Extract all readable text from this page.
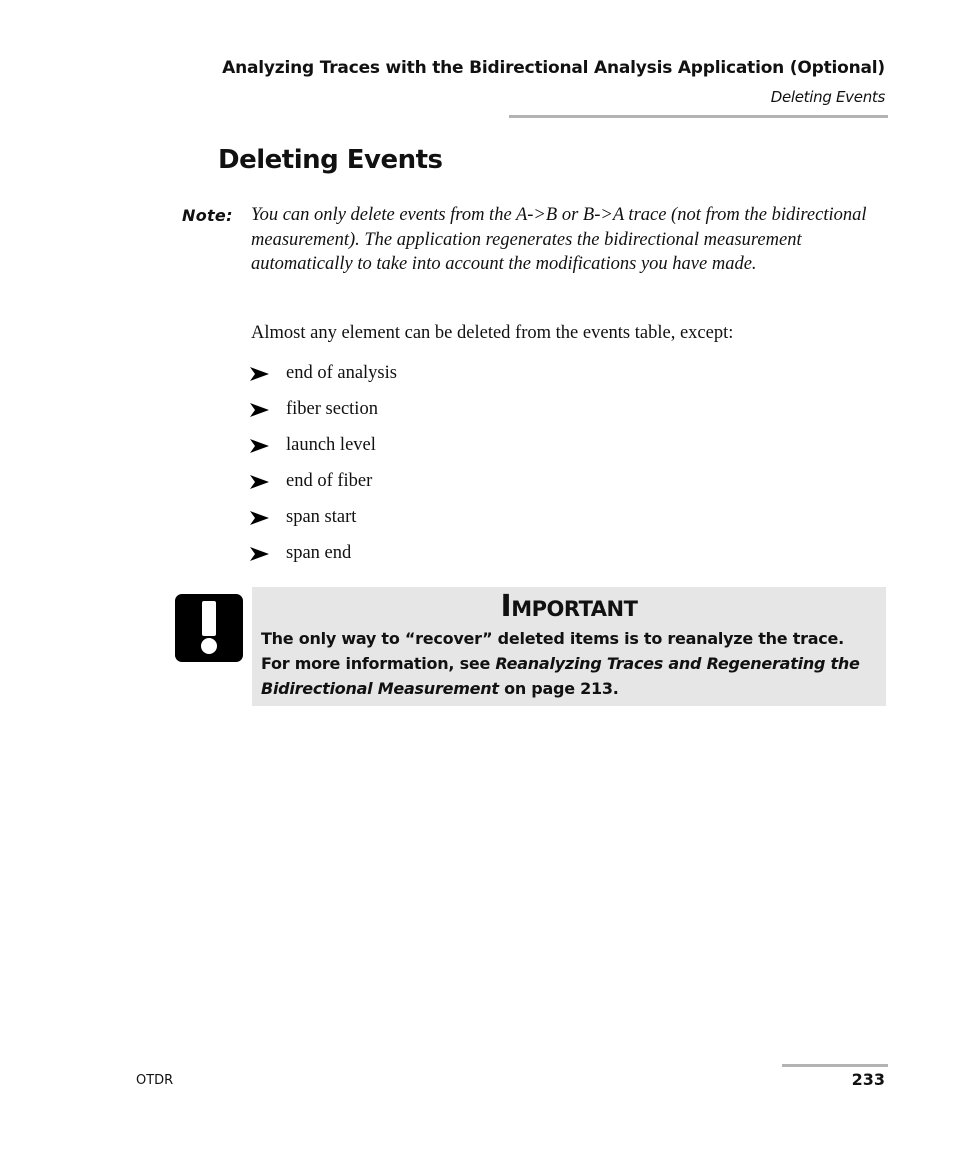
Analyzing Traces with the Bidirectional Analysis Application (Optional)
Deleting Events
Deleting Events
Note: You can only delete events from the A->B or B->A trace (not from the bidirectional measurement). The application regenerates the bidirectional measurement automatically to take into account the modifications you have made.

Almost any element can be deleted from the events table, except:

end of analysis
fiber section
launch level
end of fiber
span start
span end
Important

The only way to “recover” deleted items is to reanalyze the trace.
For more information, see Reanalyzing Traces and Regenerating the Bidirectional Measurement on page 213.

OTDR	233
